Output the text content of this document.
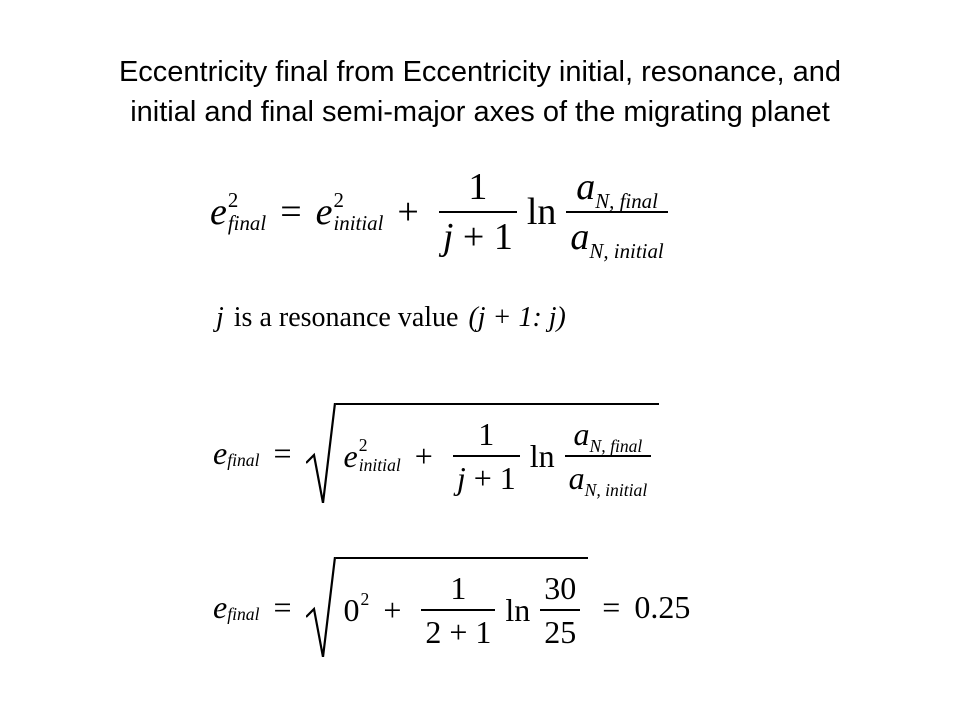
Eccentricity final from Eccentricity initial, resonance, and
initial and final semi-major axes of the migrating planet
e 2
final = e 2
initial + $\frac{1}{j + 1}$ $\ln \frac{a_{N, final}}{a_{N, initial}}$
j is a resonance value (j + 1: j)
e final = e 2
initial + $\frac{1}{j + 1}$ $\ln \frac{a_{N, final}}{a_{N, initial}}$
e final = 0 $2 + \frac{1}{2 + 1}$ $\ln \frac{30}{25} = 0.25$
